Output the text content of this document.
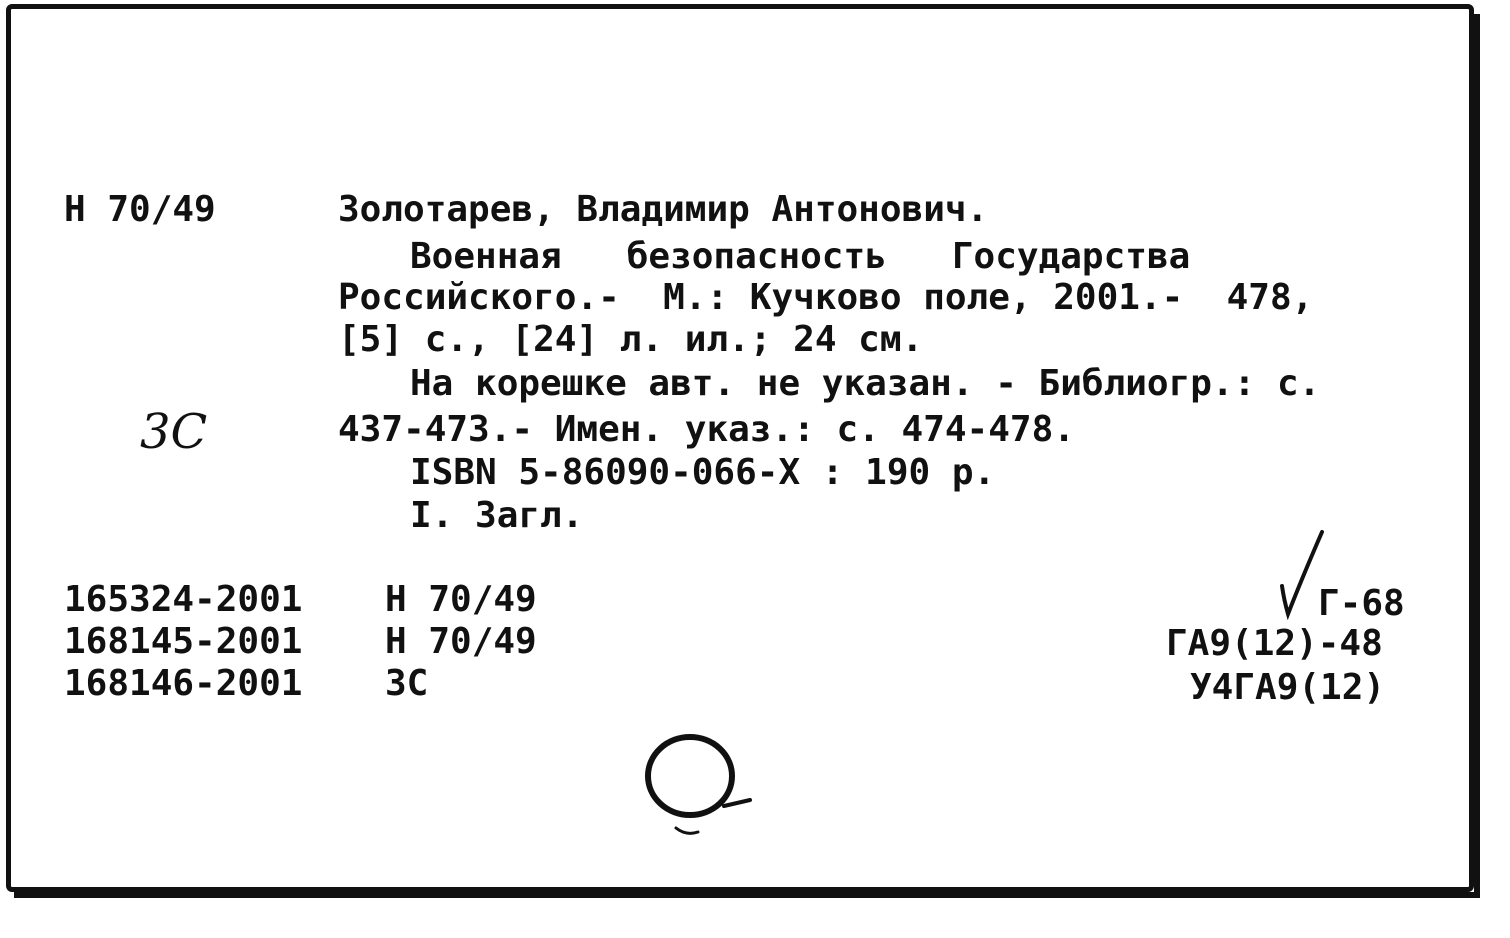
Н 70/49	Золотарев, Владимир Антонович.
Военная   безопасность   Государства
Российского.-  М.: Кучково поле, 2001.-  478,
[5] с., [24] л. ил.; 24 см.
На корешке авт. не указан. - Библиогр.: с.
437-473.- Имен. указ.: с. 474-478.
ISBN 5-86090-066-X : 190 р.
I. Загл.
3С
165324-2001 Н 70/49
168145-2001 Н 70/49
168146-2001 3С
Г-68
ГА9(12)-48
У4ГА9(12)
